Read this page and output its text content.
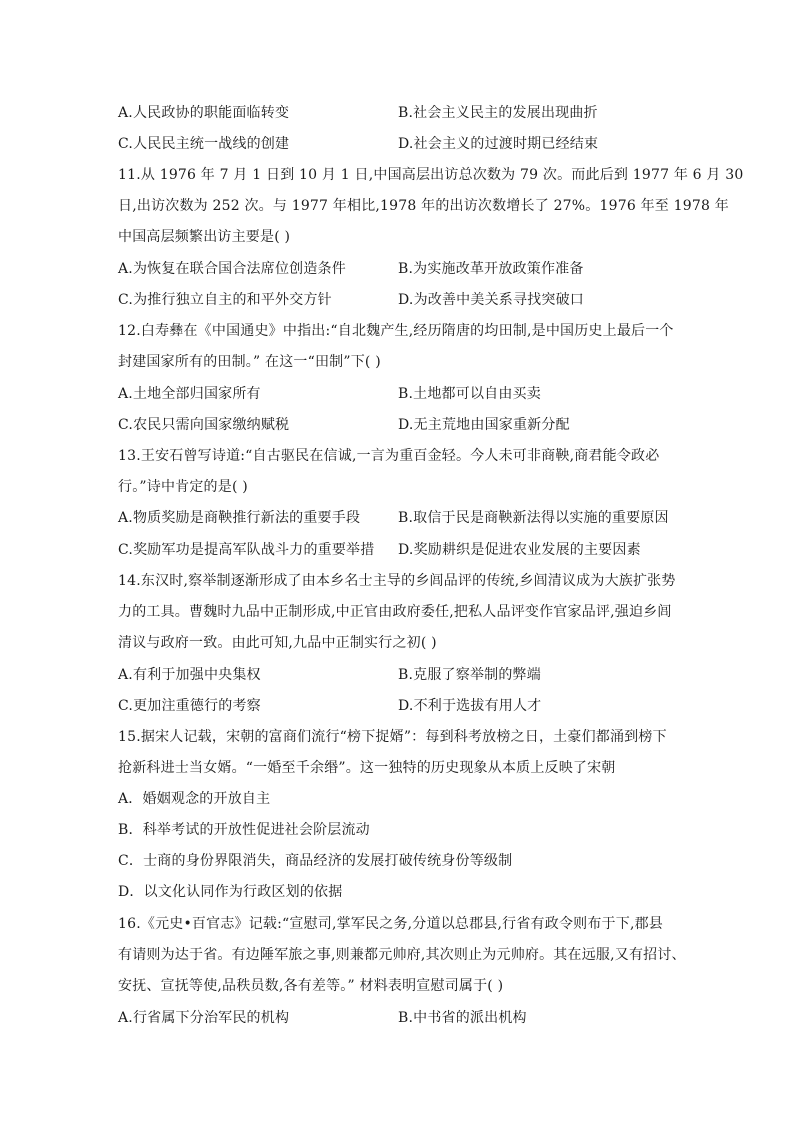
A.人民政协的职能面临转变	B.社会主义民主的发展出现曲折
C.人民民主统一战线的创建	D.社会主义的过渡时期已经结束
11.从 1976 年 7 月 1 日到 10 月 1 日,中国高层出访总次数为 79 次。而此后到 1977 年 6 月 30
日,出访次数为 252 次。与 1977 年相比,1978 年的出访次数增长了 27%。1976 年至 1978 年
中国高层频繁出访主要是( )
A.为恢复在联合国合法席位创造条件	B.为实施改革开放政策作准备
C.为推行独立自主的和平外交方针	D.为改善中美关系寻找突破口
12.白寿彝在《中国通史》中指出:“自北魏产生,经历隋唐的均田制,是中国历史上最后一个
封建国家所有的田制。” 在这一“田制”下( )
A.土地全部归国家所有	B.土地都可以自由买卖
C.农民只需向国家缴纳赋税	D.无主荒地由国家重新分配
13.王安石曾写诗道:“自古驱民在信诚,一言为重百金轻。今人未可非商鞅,商君能令政必
行。”诗中肯定的是( )
A.物质奖励是商鞅推行新法的重要手段	B.取信于民是商鞅新法得以实施的重要原因
C.奖励军功是提高军队战斗力的重要举措 D.奖励耕织是促进农业发展的主要因素
14.东汉时,察举制逐渐形成了由本乡名士主导的乡闾品评的传统,乡闾清议成为大族扩张势
力的工具。曹魏时九品中正制形成,中正官由政府委任,把私人品评变作官家品评,强迫乡闾
清议与政府一致。由此可知,九品中正制实行之初( )
A.有利于加强中央集权	B.克服了察举制的弊端
C.更加注重德行的考察	D.不利于选拔有用人才
15.据宋人记载，宋朝的富商们流行“榜下捉婿”：每到科考放榜之日，土豪们都涌到榜下
抢新科进士当女婿。“一婚至千余缗”。这一独特的历史现象从本质上反映了宋朝
A．婚姻观念的开放自主
B．科举考试的开放性促进社会阶层流动
C．士商的身份界限消失，商品经济的发展打破传统身份等级制
D．以文化认同作为行政区划的依据
16.《元史•百官志》记载:“宣慰司,掌军民之务,分道以总郡县,行省有政令则布于下,郡县
有请则为达于省。有边陲军旅之事,则兼都元帅府,其次则止为元帅府。其在远服,又有招讨、
安抚、宣抚等使,品秩员数,各有差等。” 材料表明宣慰司属于( )
A.行省属下分治军民的机构	B.中书省的派出机构
